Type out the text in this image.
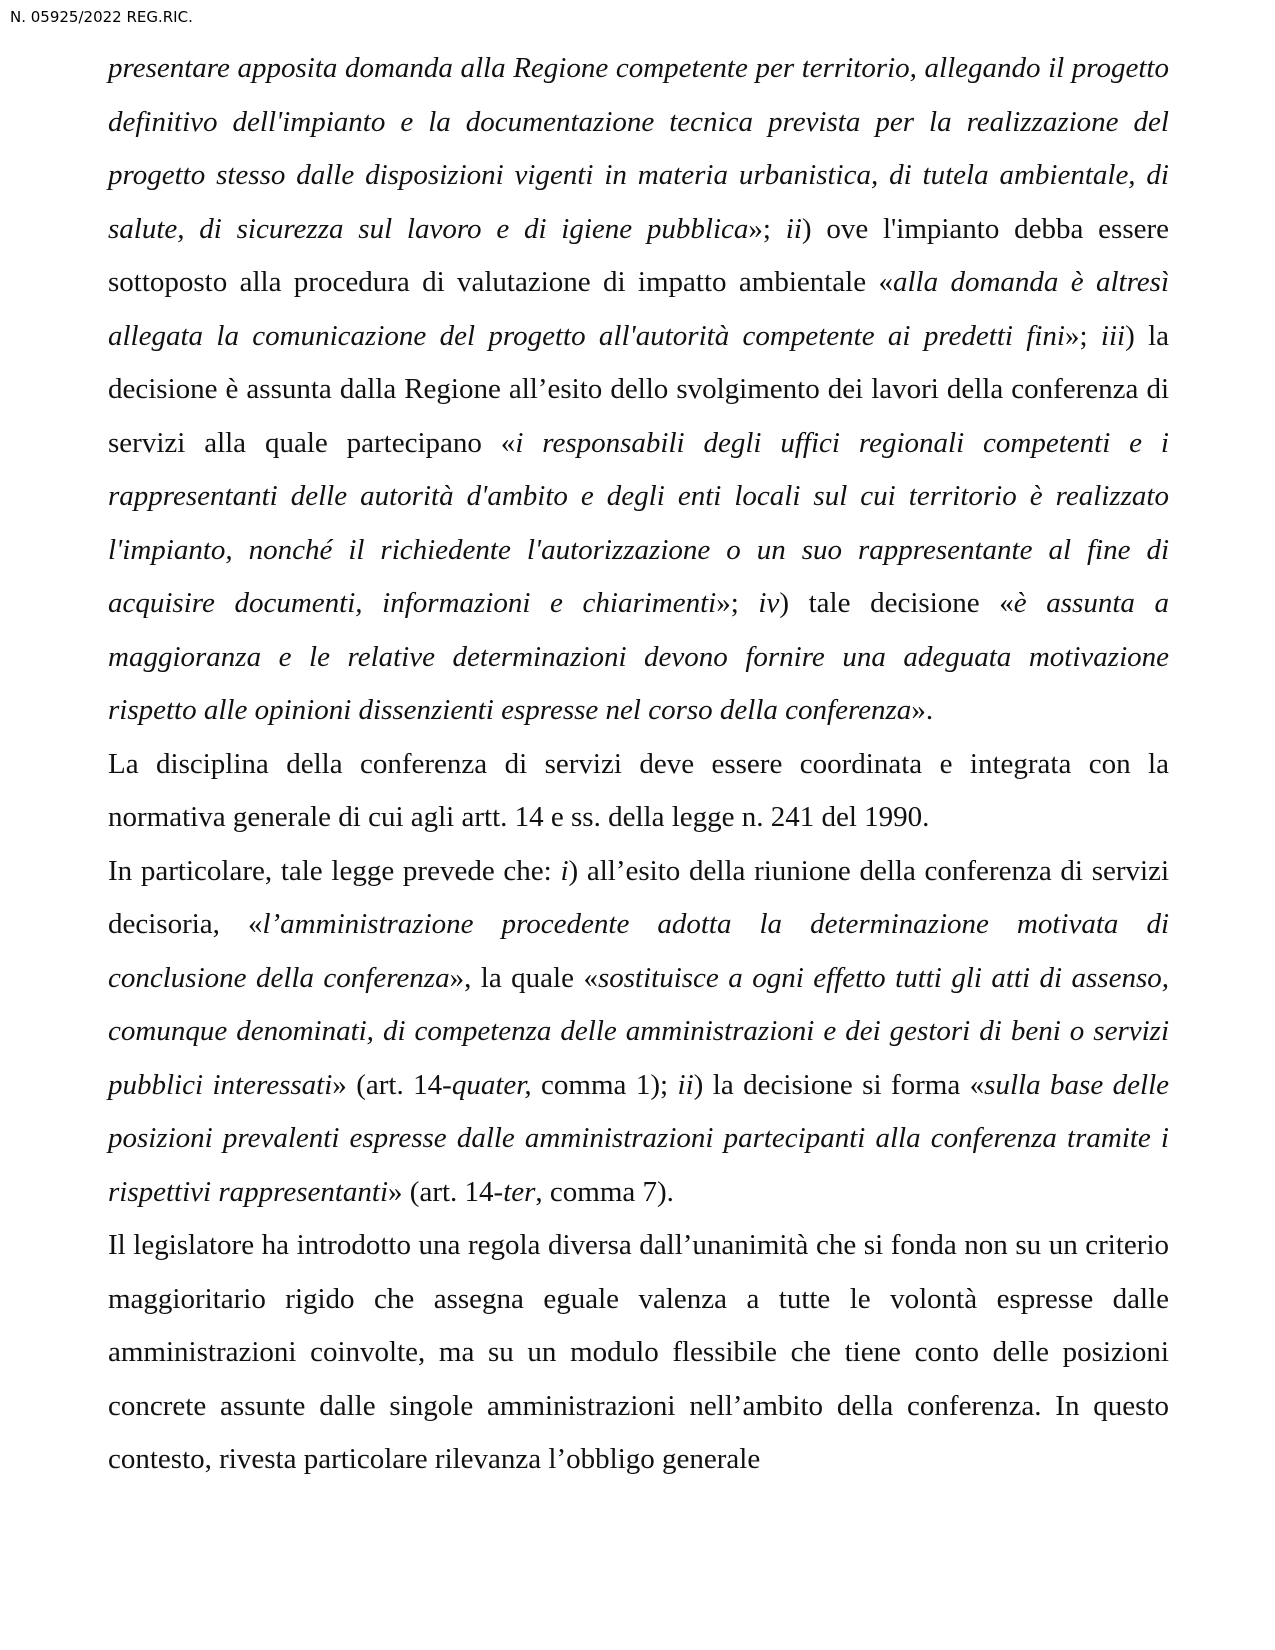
N. 05925/2022 REG.RIC.

presentare apposita domanda alla Regione competente per territorio, allegando il progetto definitivo dell'impianto e la documentazione tecnica prevista per la realizzazione del progetto stesso dalle disposizioni vigenti in materia urbanistica, di tutela ambientale, di salute, di sicurezza sul lavoro e di igiene pubblica»; ii) ove l'impianto debba essere sottoposto alla procedura di valutazione di impatto ambientale «alla domanda è altresì allegata la comunicazione del progetto all'autorità competente ai predetti fini»; iii) la decisione è assunta dalla Regione all’esito dello svolgimento dei lavori della conferenza di servizi alla quale partecipano «i responsabili degli uffici regionali competenti e i rappresentanti delle autorità d'ambito e degli enti locali sul cui territorio è realizzato l'impianto, nonché il richiedente l'autorizzazione o un suo rappresentante al fine di acquisire documenti, informazioni e chiarimenti»; iv) tale decisione «è assunta a maggioranza e le relative determinazioni devono fornire una adeguata motivazione rispetto alle opinioni dissenzienti espresse nel corso della conferenza».

La disciplina della conferenza di servizi deve essere coordinata e integrata con la normativa generale di cui agli artt. 14 e ss. della legge n. 241 del 1990.

In particolare, tale legge prevede che: i) all’esito della riunione della conferenza di servizi decisoria, «l’amministrazione procedente adotta la determinazione motivata di conclusione della conferenza», la quale «sostituisce a ogni effetto tutti gli atti di assenso, comunque denominati, di competenza delle amministrazioni e dei gestori di beni o servizi pubblici interessati» (art. 14-quater, comma 1); ii) la decisione si forma «sulla base delle posizioni prevalenti espresse dalle amministrazioni partecipanti alla conferenza tramite i rispettivi rappresentanti» (art. 14-ter, comma 7).

Il legislatore ha introdotto una regola diversa dall’unanimità che si fonda non su un criterio maggioritario rigido che assegna eguale valenza a tutte le volontà espresse dalle amministrazioni coinvolte, ma su un modulo flessibile che tiene conto delle posizioni concrete assunte dalle singole amministrazioni nell’ambito della conferenza. In questo contesto, rivesta particolare rilevanza l’obbligo generale
